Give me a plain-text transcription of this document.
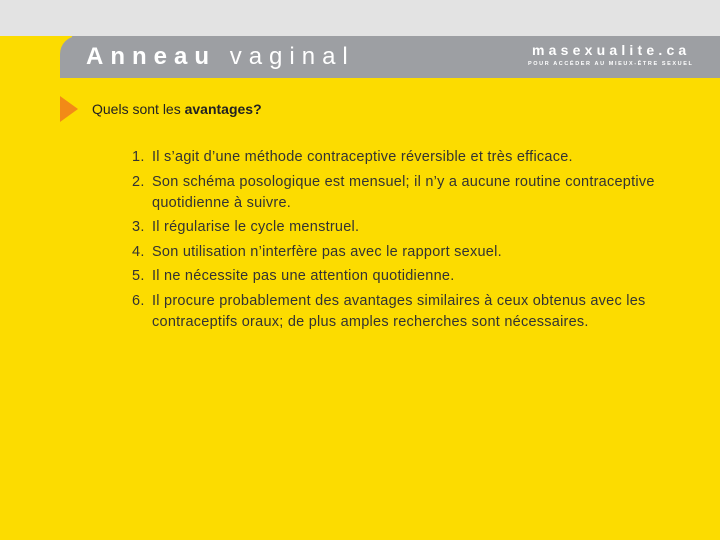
Anneau vaginal	masexualite.ca
POUR ACCÉDER AU MIEUX-ÊTRE SEXUEL
Quels sont les avantages?
1. Il s’agit d’une méthode contraceptive réversible et très efficace.
2. Son schéma posologique est mensuel; il n’y a aucune routine contraceptive quotidienne à suivre.
3. Il régularise le cycle menstruel.
4. Son utilisation n’interfère pas avec le rapport sexuel.
5. Il ne nécessite pas une attention quotidienne.
6. Il procure probablement des avantages similaires à ceux obtenus avec les contraceptifs oraux; de plus amples recherches sont nécessaires.
